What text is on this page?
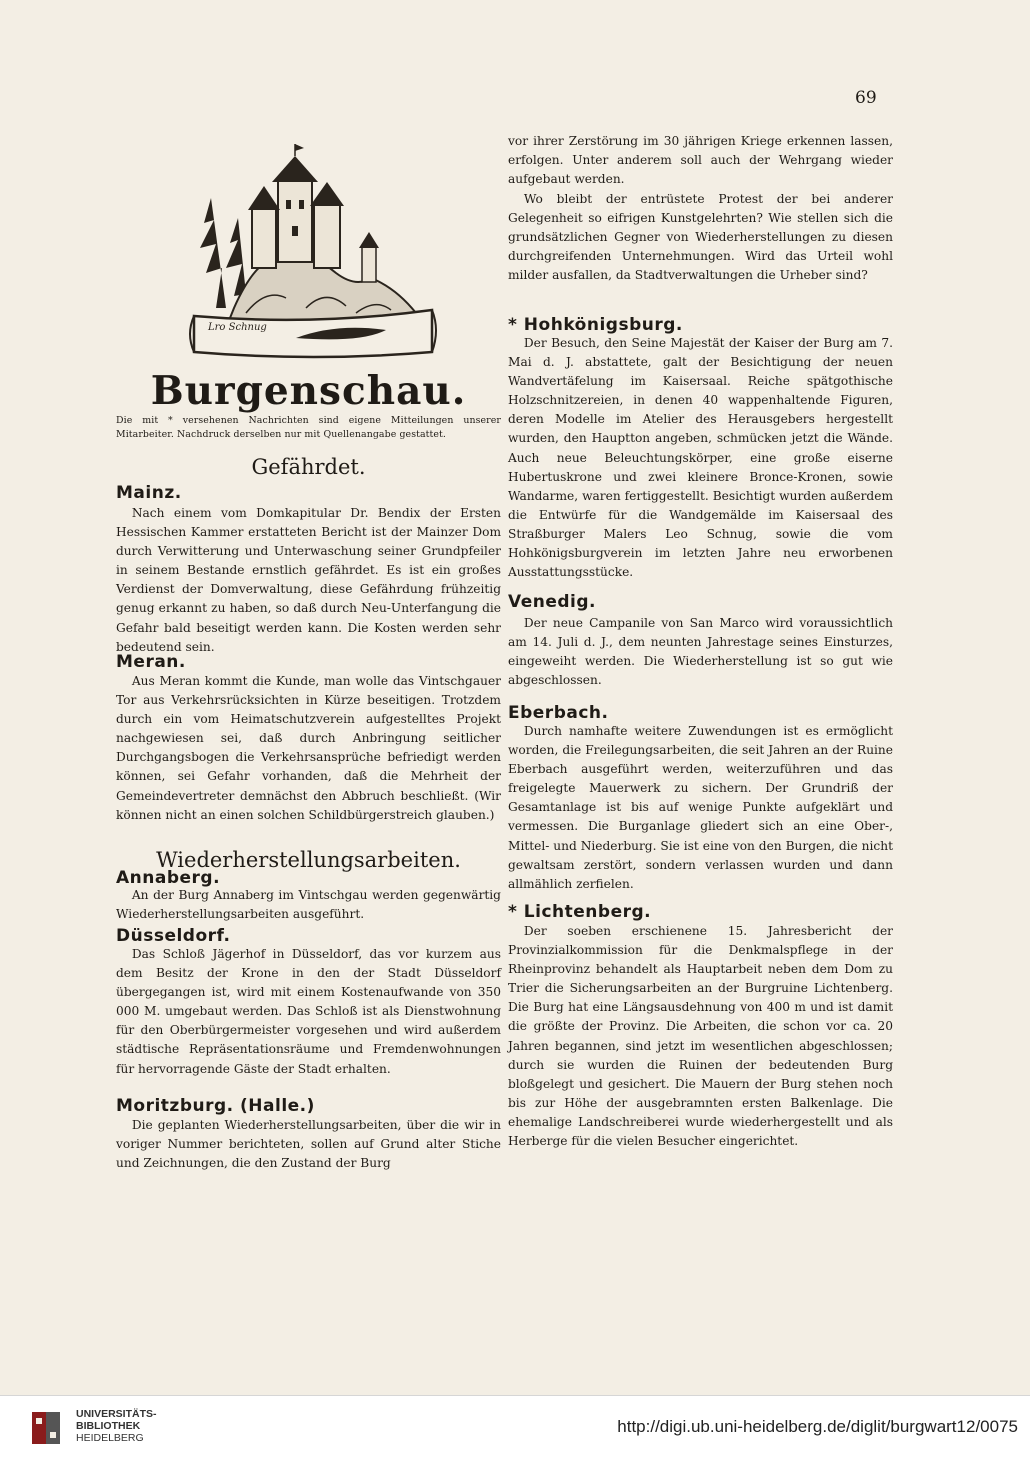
69
Lro Schnug
Burgenschau.
Die mit * versehenen Nachrichten sind eigene Mitteilungen unserer Mitarbeiter. Nachdruck derselben nur mit Quellenangabe gestattet.
Gefährdet.
Mainz.
Nach einem vom Domkapitular Dr. Bendix der Ersten Hessischen Kammer erstatteten Bericht ist der Mainzer Dom durch Verwitterung und Unterwaschung seiner Grundpfeiler in seinem Bestande ernstlich gefährdet. Es ist ein großes Verdienst der Domverwaltung, diese Gefährdung frühzeitig genug erkannt zu haben, so daß durch Neu-Unterfangung die Gefahr bald beseitigt werden kann. Die Kosten werden sehr bedeutend sein.
Meran.
Aus Meran kommt die Kunde, man wolle das Vintschgauer Tor aus Verkehrsrücksichten in Kürze beseitigen. Trotzdem durch ein vom Heimatschutzverein aufgestelltes Projekt nachgewiesen sei, daß durch Anbringung seitlicher Durchgangsbogen die Verkehrsansprüche befriedigt werden können, sei Gefahr vorhanden, daß die Mehrheit der Gemeindevertreter demnächst den Abbruch beschließt. (Wir können nicht an einen solchen Schildbürgerstreich glauben.)
Wiederherstellungsarbeiten.
Annaberg.
An der Burg Annaberg im Vintschgau werden gegenwärtig Wiederherstellungsarbeiten ausgeführt.
Düsseldorf.
Das Schloß Jägerhof in Düsseldorf, das vor kurzem aus dem Besitz der Krone in den der Stadt Düsseldorf übergegangen ist, wird mit einem Kostenaufwande von 350 000 M. umgebaut werden. Das Schloß ist als Dienstwohnung für den Oberbürgermeister vorgesehen und wird außerdem städtische Repräsentationsräume und Fremdenwohnungen für hervorragende Gäste der Stadt erhalten.
Moritzburg. (Halle.)
Die geplanten Wiederherstellungsarbeiten, über die wir in voriger Nummer berichteten, sollen auf Grund alter Stiche und Zeichnungen, die den Zustand der Burg
vor ihrer Zerstörung im 30 jährigen Kriege erkennen lassen, erfolgen. Unter anderem soll auch der Wehrgang wieder aufgebaut werden.
Wo bleibt der entrüstete Protest der bei anderer Gelegenheit so eifrigen Kunstgelehrten? Wie stellen sich die grundsätzlichen Gegner von Wiederherstellungen zu diesen durchgreifenden Unternehmungen. Wird das Urteil wohl milder ausfallen, da Stadtverwaltungen die Urheber sind?
* Hohkönigsburg.
Der Besuch, den Seine Majestät der Kaiser der Burg am 7. Mai d. J. abstattete, galt der Besichtigung der neuen Wandvertäfelung im Kaisersaal. Reiche spätgothische Holzschnitzereien, in denen 40 wappenhaltende Figuren, deren Modelle im Atelier des Herausgebers hergestellt wurden, den Hauptton angeben, schmücken jetzt die Wände. Auch neue Beleuchtungskörper, eine große eiserne Hubertuskrone und zwei kleinere Bronce-Kronen, sowie Wandarme, waren fertiggestellt. Besichtigt wurden außerdem die Entwürfe für die Wandgemälde im Kaisersaal des Straßburger Malers Leo Schnug, sowie die vom Hohkönigsburgverein im letzten Jahre neu erworbenen Ausstattungsstücke.
Venedig.
Der neue Campanile von San Marco wird voraussichtlich am 14. Juli d. J., dem neunten Jahrestage seines Einsturzes, eingeweiht werden. Die Wiederherstellung ist so gut wie abgeschlossen.
Eberbach.
Durch namhafte weitere Zuwendungen ist es ermöglicht worden, die Freilegungsarbeiten, die seit Jahren an der Ruine Eberbach ausgeführt werden, weiterzuführen und das freigelegte Mauerwerk zu sichern. Der Grundriß der Gesamtanlage ist bis auf wenige Punkte aufgeklärt und vermessen. Die Burganlage gliedert sich an eine Ober-, Mittel- und Niederburg. Sie ist eine von den Burgen, die nicht gewaltsam zerstört, sondern verlassen wurden und dann allmählich zerfielen.
* Lichtenberg.
Der soeben erschienene 15. Jahresbericht der Provinzialkommission für die Denkmalspflege in der Rheinprovinz behandelt als Hauptarbeit neben dem Dom zu Trier die Sicherungsarbeiten an der Burgruine Lichtenberg. Die Burg hat eine Längsausdehnung von 400 m und ist damit die größte der Provinz. Die Arbeiten, die schon vor ca. 20 Jahren begannen, sind jetzt im wesentlichen abgeschlossen; durch sie wurden die Ruinen der bedeutenden Burg bloßgelegt und gesichert. Die Mauern der Burg stehen noch bis zur Höhe der ausgebramnten ersten Balkenlage. Die ehemalige Landschreiberei wurde wiederhergestellt und als Herberge für die vielen Besucher eingerichtet.
UNIVERSITÄTS-
BIBLIOTHEK
HEIDELBERG
http://digi.ub.uni-heidelberg.de/diglit/burgwart12/0075
